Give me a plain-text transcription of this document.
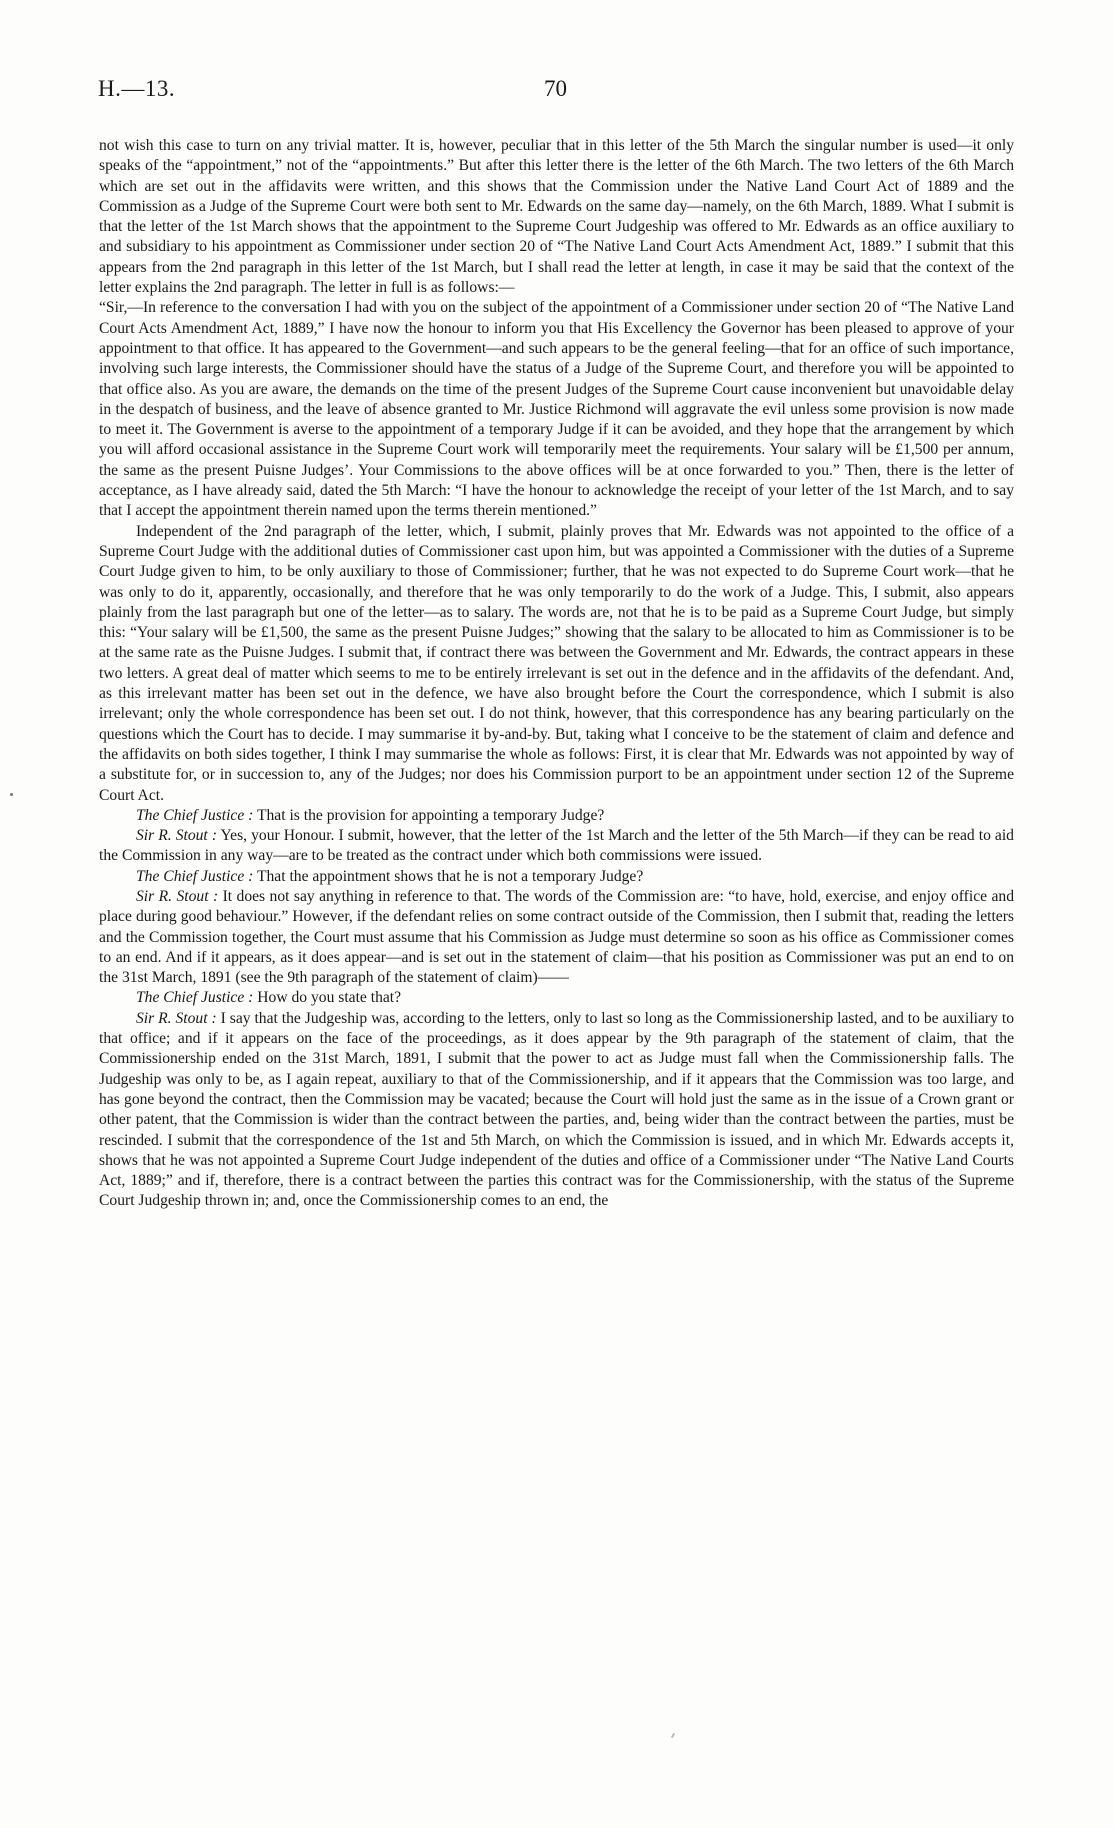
H.—13.	70

not wish this case to turn on any trivial matter. It is, however, peculiar that in this letter of the 5th March the singular number is used—it only speaks of the “appointment,” not of the “appointments.” But after this letter there is the letter of the 6th March. The two letters of the 6th March which are set out in the affidavits were written, and this shows that the Commission under the Native Land Court Act of 1889 and the Commission as a Judge of the Supreme Court were both sent to Mr. Edwards on the same day—namely, on the 6th March, 1889. What I submit is that the letter of the 1st March shows that the appointment to the Supreme Court Judgeship was offered to Mr. Edwards as an office auxiliary to and subsidiary to his appointment as Commissioner under section 20 of “The Native Land Court Acts Amendment Act, 1889.” I submit that this appears from the 2nd paragraph in this letter of the 1st March, but I shall read the letter at length, in case it may be said that the context of the letter explains the 2nd paragraph. The letter in full is as follows:—

“Sir,—In reference to the conversation I had with you on the subject of the appointment of a Commissioner under section 20 of “The Native Land Court Acts Amendment Act, 1889,” I have now the honour to inform you that His Excellency the Governor has been pleased to approve of your appointment to that office. It has appeared to the Government—and such appears to be the general feeling—that for an office of such importance, involving such large interests, the Commissioner should have the status of a Judge of the Supreme Court, and therefore you will be appointed to that office also. As you are aware, the demands on the time of the present Judges of the Supreme Court cause inconvenient but unavoidable delay in the despatch of business, and the leave of absence granted to Mr. Justice Richmond will aggravate the evil unless some provision is now made to meet it. The Government is averse to the appointment of a temporary Judge if it can be avoided, and they hope that the arrangement by which you will afford occasional assistance in the Supreme Court work will temporarily meet the requirements. Your salary will be £1,500 per annum, the same as the present Puisne Judges’. Your Commissions to the above offices will be at once forwarded to you.” Then, there is the letter of acceptance, as I have already said, dated the 5th March: “I have the honour to acknowledge the receipt of your letter of the 1st March, and to say that I accept the appointment therein named upon the terms therein mentioned.”

Independent of the 2nd paragraph of the letter, which, I submit, plainly proves that Mr. Edwards was not appointed to the office of a Supreme Court Judge with the additional duties of Commissioner cast upon him, but was appointed a Commissioner with the duties of a Supreme Court Judge given to him, to be only auxiliary to those of Commissioner; further, that he was not expected to do Supreme Court work—that he was only to do it, apparently, occasionally, and therefore that he was only temporarily to do the work of a Judge. This, I submit, also appears plainly from the last paragraph but one of the letter—as to salary. The words are, not that he is to be paid as a Supreme Court Judge, but simply this: “Your salary will be £1,500, the same as the present Puisne Judges;” showing that the salary to be allocated to him as Commissioner is to be at the same rate as the Puisne Judges. I submit that, if contract there was between the Government and Mr. Edwards, the contract appears in these two letters. A great deal of matter which seems to me to be entirely irrelevant is set out in the defence and in the affidavits of the defendant. And, as this irrelevant matter has been set out in the defence, we have also brought before the Court the correspondence, which I submit is also irrelevant; only the whole correspondence has been set out. I do not think, however, that this correspondence has any bearing particularly on the questions which the Court has to decide. I may summarise it by-and-by. But, taking what I conceive to be the statement of claim and defence and the affidavits on both sides together, I think I may summarise the whole as follows: First, it is clear that Mr. Edwards was not appointed by way of a substitute for, or in succession to, any of the Judges; nor does his Commission purport to be an appointment under section 12 of the Supreme Court Act.

The Chief Justice : That is the provision for appointing a temporary Judge?

Sir R. Stout : Yes, your Honour. I submit, however, that the letter of the 1st March and the letter of the 5th March—if they can be read to aid the Commission in any way—are to be treated as the contract under which both commissions were issued.

The Chief Justice : That the appointment shows that he is not a temporary Judge?

Sir R. Stout : It does not say anything in reference to that. The words of the Commission are: “to have, hold, exercise, and enjoy office and place during good behaviour.” However, if the defendant relies on some contract outside of the Commission, then I submit that, reading the letters and the Commission together, the Court must assume that his Commission as Judge must determine so soon as his office as Commissioner comes to an end. And if it appears, as it does appear—and is set out in the statement of claim—that his position as Commissioner was put an end to on the 31st March, 1891 (see the 9th paragraph of the statement of claim)——

The Chief Justice : How do you state that?

Sir R. Stout : I say that the Judgeship was, according to the letters, only to last so long as the Commissionership lasted, and to be auxiliary to that office; and if it appears on the face of the proceedings, as it does appear by the 9th paragraph of the statement of claim, that the Commissionership ended on the 31st March, 1891, I submit that the power to act as Judge must fall when the Commissionership falls. The Judgeship was only to be, as I again repeat, auxiliary to that of the Commissionership, and if it appears that the Commission was too large, and has gone beyond the contract, then the Commission may be vacated; because the Court will hold just the same as in the issue of a Crown grant or other patent, that the Commission is wider than the contract between the parties, and, being wider than the contract between the parties, must be rescinded. I submit that the correspondence of the 1st and 5th March, on which the Commission is issued, and in which Mr. Edwards accepts it, shows that he was not appointed a Supreme Court Judge independent of the duties and office of a Commissioner under “The Native Land Courts Act, 1889;” and if, therefore, there is a contract between the parties this contract was for the Commissionership, with the status of the Supreme Court Judgeship thrown in; and, once the Commissionership comes to an end, the
